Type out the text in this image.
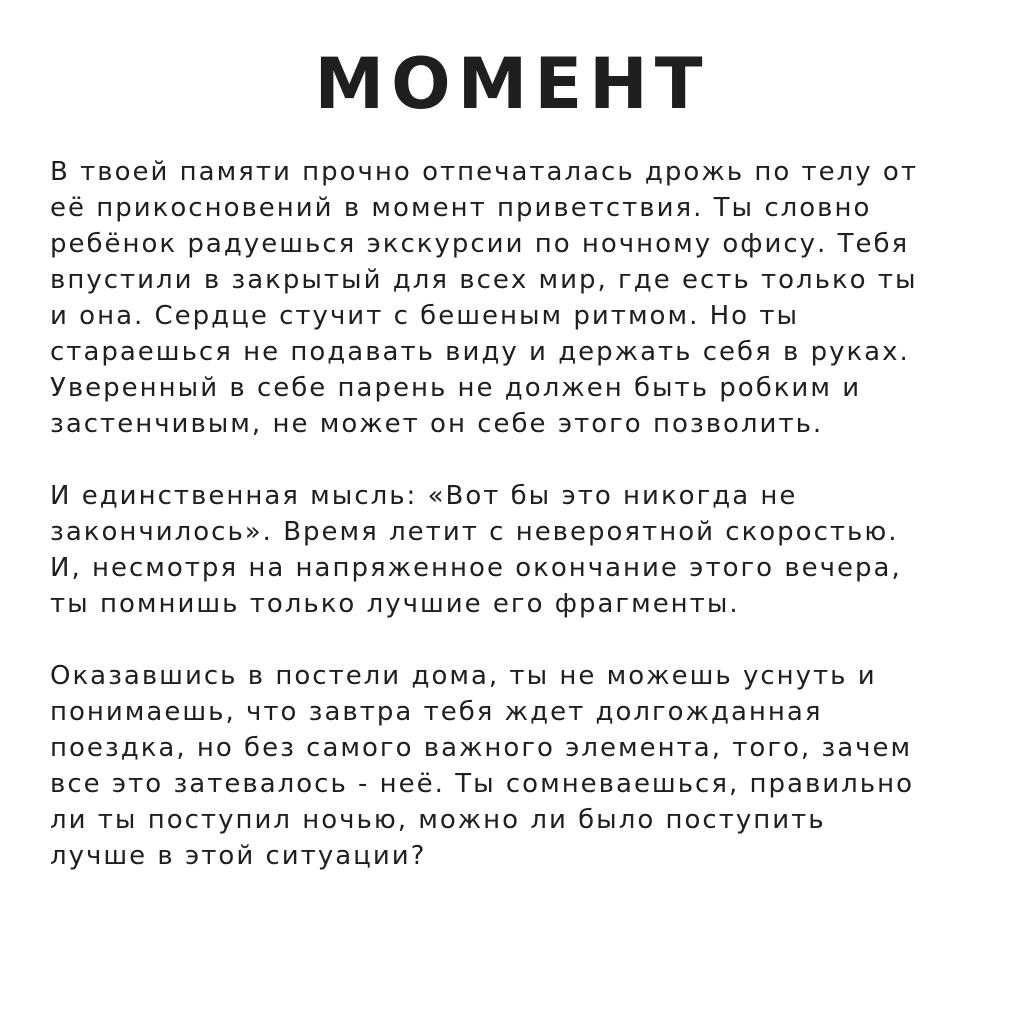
МОМЕНТ

В твоей памяти прочно отпечаталась дрожь по телу от
её прикосновений в момент приветствия. Ты словно
ребёнок радуешься экскурсии по ночному офису. Тебя
впустили в закрытый для всех мир, где есть только ты
и она. Сердце стучит с бешеным ритмом. Но ты
стараешься не подавать виду и держать себя в руках.
Уверенный в себе парень не должен быть робким и
застенчивым, не может он себе этого позволить.

И единственная мысль: «Вот бы это никогда не
закончилось». Время летит с невероятной скоростью.
И, несмотря на напряженное окончание этого вечера,
ты помнишь только лучшие его фрагменты.

Оказавшись в постели дома, ты не можешь уснуть и
понимаешь, что завтра тебя ждет долгожданная
поездка, но без самого важного элемента, того, зачем
все это затевалось - неё. Ты сомневаешься, правильно
ли ты поступил ночью, можно ли было поступить
лучше в этой ситуации?
